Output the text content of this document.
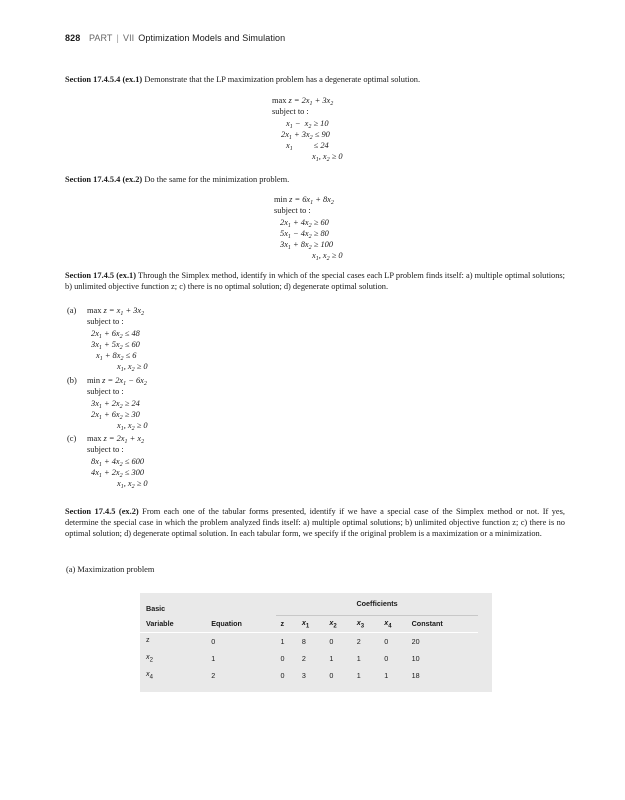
828 PART | VII Optimization Models and Simulation
Section 17.4.5.4 (ex.1) Demonstrate that the LP maximization problem has a degenerate optimal solution.
$\max z = 2x_1 + 3x_2$
subject to :
$x_1 - x_2 \ge 10$
$2x_1 + 3x_2 \le 90$
$x_1$          ≤ 24
$x_1$, $x_2 \ge 0$
Section 17.4.5.4 (ex.2) Do the same for the minimization problem.
$\min z = 6x_1 + 8x_2$
subject to :
$2x_1 + 4x_2 \ge 60$
$5x_1 - 4x_2 \ge 80$
$3x_1 + 8x_2 \ge 100$
$x_1$, $x_2 \ge 0$
Section 17.4.5 (ex.1) Through the Simplex method, identify in which of the special cases each LP problem finds itself: a) multiple optimal solutions; b) unlimited objective function z; c) there is no optimal solution; d) degenerate optimal solution.
(a) $\max z = x_1 + 3x_2$
subject to :
$2x_1 + 6x_2 \le 48$
$3x_1 + 5x_2 \le 60$
$x_1 + 8x_2 \le 6$
$x_1$, $x_2 \ge 0$
(b) $\min z = 2x_1 - 6x_2$
subject to :
$3x_1 + 2x_2 \ge 24$
$2x_1 + 6x_2 \ge 30$
$x_1$, $x_2 \ge 0$
(c) $\max z = 2x_1 + x_2$
subject to :
$8x_1 + 4x_2 \le 600$
$4x_1 + 2x_2 \le 300$
$x_1$, $x_2 \ge 0$
Section 17.4.5 (ex.2) From each one of the tabular forms presented, identify if we have a special case of the Simplex method or not. If yes, determine the special case in which the problem analyzed finds itself: a) multiple optimal solutions; b) unlimited objective function z; c) there is no optimal solution; d) degenerate optimal solution. In each tabular form, we specify if the original problem is a maximization or a minimization.
(a) Maximization problem
Basic		Coefficients						
Variable	Equation	z	$x_1$	$x_2$	$x_3$	$x_4$	Constant	
z	0	1	8	0	2	0	20	
$x_2$	1	0	2	1	1	0	10	
$x_4$	2	0	3	0	1	1	18	
